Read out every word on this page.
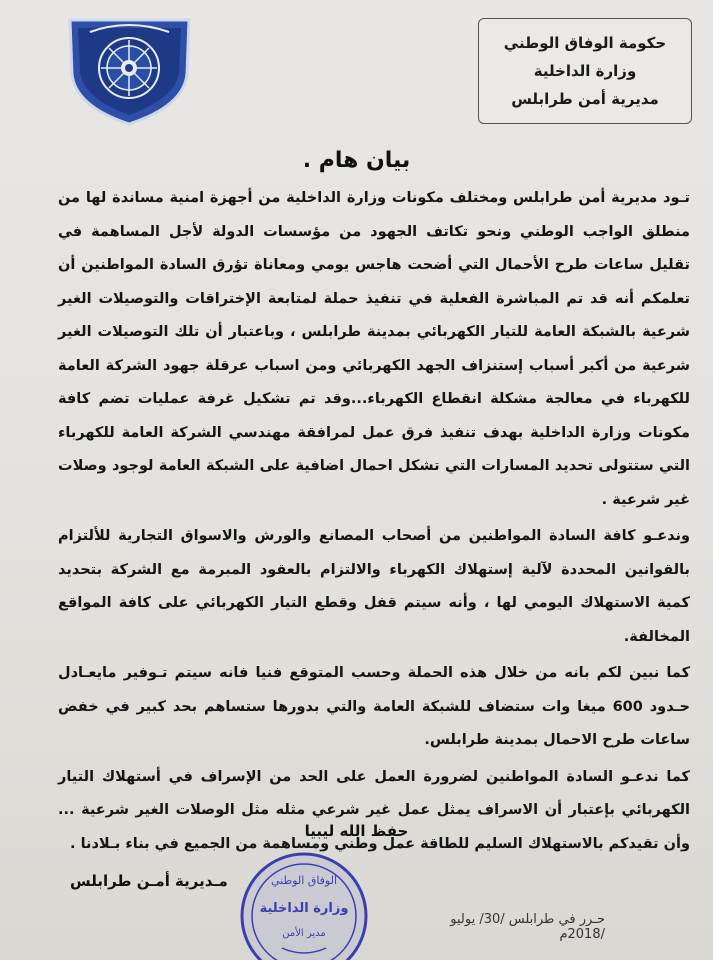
حكومة الوفاق الوطني
وزارة الداخلية
مديرية أمن طرابلس
بيان هام .

تـود مديرية أمن طرابلس ومختلف مكونات وزارة الداخلية من أجهزة امنية مساندة لها من منطلق الواجب الوطني ونحو تكاتف الجهود من مؤسسات الدولة لأجل المساهمة في تقليل ساعات طرح الأحمال التي أضحت هاجس يومي ومعاناة تؤرق السادة المواطنين أن تعلمكم أنه قد تم المباشرة الفعلية في تنفيذ حملة لمتابعة الإختراقات والتوصيلات الغير شرعية بالشبكة العامة للتيار الكهربائي بمدينة طرابلس ، وباعتبار أن تلك التوصيلات الغير شرعية من أكبر أسباب إستنزاف الجهد الكهربائي ومن اسباب عرقلة جهود الشركة العامة للكهرباء في معالجة مشكلة انقطاع الكهرباء...وقد تم تشكيل غرفة عمليات تضم كافة مكونات وزارة الداخلية بهدف تنفيذ فرق عمل لمرافقة مهندسي الشركة العامة للكهرباء التي ستتولى تحديد المسارات التي تشكل احمال اضافية على الشبكة العامة لوجود وصلات غير شرعية .

وندعـو كافة السادة المواطنين من أصحاب المصانع والورش والاسواق التجارية للألتزام بالقوانين المحددة لآلية إستهلاك الكهرباء والالتزام بالعقود المبرمة مع الشركة بتحديد كمية الاستهلاك اليومي لها ، وأنه سيتم قفل وقطع التيار الكهربائي على كافة المواقع المخالفة.

كما نبين لكم بانه من خلال هذه الحملة وحسب المتوقع فنيا فانه سيتم تـوفير مايعـادل حـدود 600 ميغا وات ستضاف للشبكة العامة والتي بدورها ستساهم بحد كبير في خفض ساعات طرح الاحمال بمدينة طرابلس.

كما ندعـو السادة المواطنين لضرورة العمل على الحد من الإسراف في أستهلاك التيار الكهربائي بإعتبار أن الاسراف يمثل عمل غير شرعي مثله مثل الوصلات الغير شرعية ... وأن تقيدكم بالاستهلاك السليم للطاقة عمل وطني ومساهمة من الجميع في بناء بـلادنا .

حفظ الله ليبيا
مـديرية أمـن طرابلس
حـرر في طرابلس /30/ يوليو /2018م
الوفاق الوطني
وزارة الداخلية
مدير الأمن
